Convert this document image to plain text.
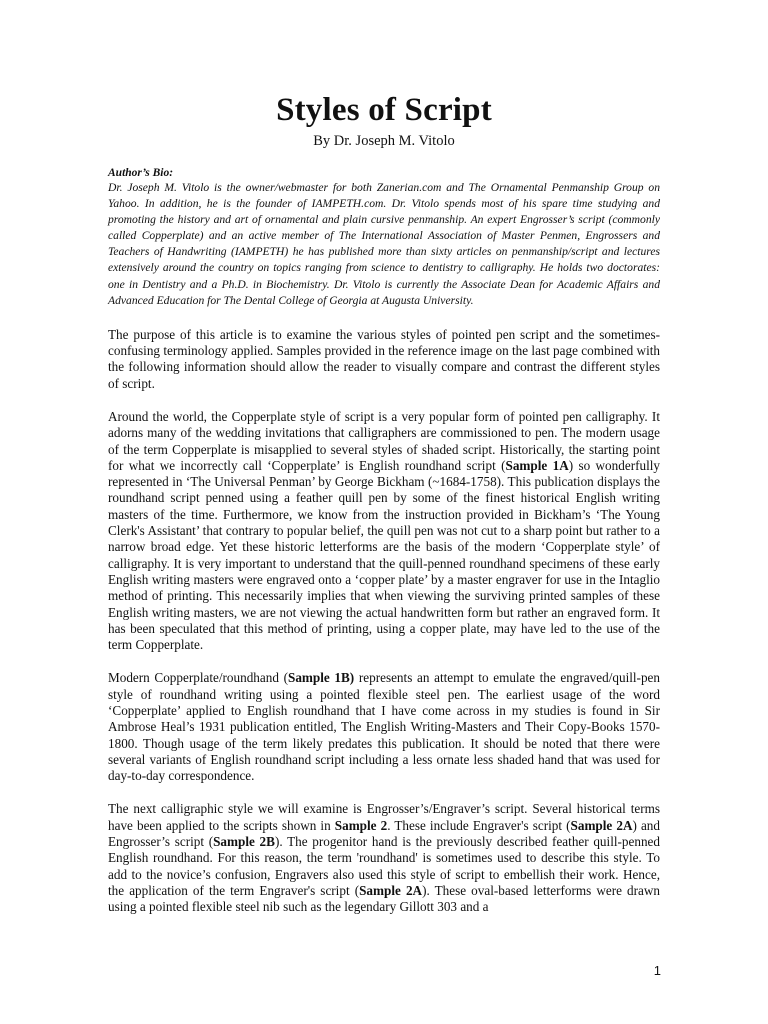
Styles of Script

By Dr. Joseph M. Vitolo

Author’s Bio:

Dr. Joseph M. Vitolo is the owner/webmaster for both Zanerian.com and The Ornamental Penmanship Group on Yahoo. In addition, he is the founder of IAMPETH.com. Dr. Vitolo spends most of his spare time studying and promoting the history and art of ornamental and plain cursive penmanship. An expert Engrosser’s script (commonly called Copperplate) and an active member of The International Association of Master Penmen, Engrossers and Teachers of Handwriting (IAMPETH) he has published more than sixty articles on penmanship/script and lectures extensively around the country on topics ranging from science to dentistry to calligraphy. He holds two doctorates: one in Dentistry and a Ph.D. in Biochemistry. Dr. Vitolo is currently the Associate Dean for Academic Affairs and Advanced Education for The Dental College of Georgia at Augusta University.

The purpose of this article is to examine the various styles of pointed pen script and the sometimes-confusing terminology applied. Samples provided in the reference image on the last page combined with the following information should allow the reader to visually compare and contrast the different styles of script.

Around the world, the Copperplate style of script is a very popular form of pointed pen calligraphy. It adorns many of the wedding invitations that calligraphers are commissioned to pen. The modern usage of the term Copperplate is misapplied to several styles of shaded script. Historically, the starting point for what we incorrectly call ‘Copperplate’ is English roundhand script (Sample 1A) so wonderfully represented in ‘The Universal Penman’ by George Bickham (~1684-1758). This publication displays the roundhand script penned using a feather quill pen by some of the finest historical English writing masters of the time. Furthermore, we know from the instruction provided in Bickham’s ‘The Young Clerk's Assistant’ that contrary to popular belief, the quill pen was not cut to a sharp point but rather to a narrow broad edge. Yet these historic letterforms are the basis of the modern ‘Copperplate style’ of calligraphy. It is very important to understand that the quill-penned roundhand specimens of these early English writing masters were engraved onto a ‘copper plate’ by a master engraver for use in the Intaglio method of printing. This necessarily implies that when viewing the surviving printed samples of these English writing masters, we are not viewing the actual handwritten form but rather an engraved form. It has been speculated that this method of printing, using a copper plate, may have led to the use of the term Copperplate.

Modern Copperplate/roundhand (Sample 1B) represents an attempt to emulate the engraved/quill-pen style of roundhand writing using a pointed flexible steel pen. The earliest usage of the word ‘Copperplate’ applied to English roundhand that I have come across in my studies is found in Sir Ambrose Heal’s 1931 publication entitled, The English Writing-Masters and Their Copy-Books 1570-1800. Though usage of the term likely predates this publication. It should be noted that there were several variants of English roundhand script including a less ornate less shaded hand that was used for day-to-day correspondence.

The next calligraphic style we will examine is Engrosser’s/Engraver’s script. Several historical terms have been applied to the scripts shown in Sample 2. These include Engraver's script (Sample 2A) and Engrosser’s script (Sample 2B). The progenitor hand is the previously described feather quill-penned English roundhand. For this reason, the term 'roundhand' is sometimes used to describe this style. To add to the novice’s confusion, Engravers also used this style of script to embellish their work. Hence, the application of the term Engraver's script (Sample 2A). These oval-based letterforms were drawn using a pointed flexible steel nib such as the legendary Gillott 303 and a

1
